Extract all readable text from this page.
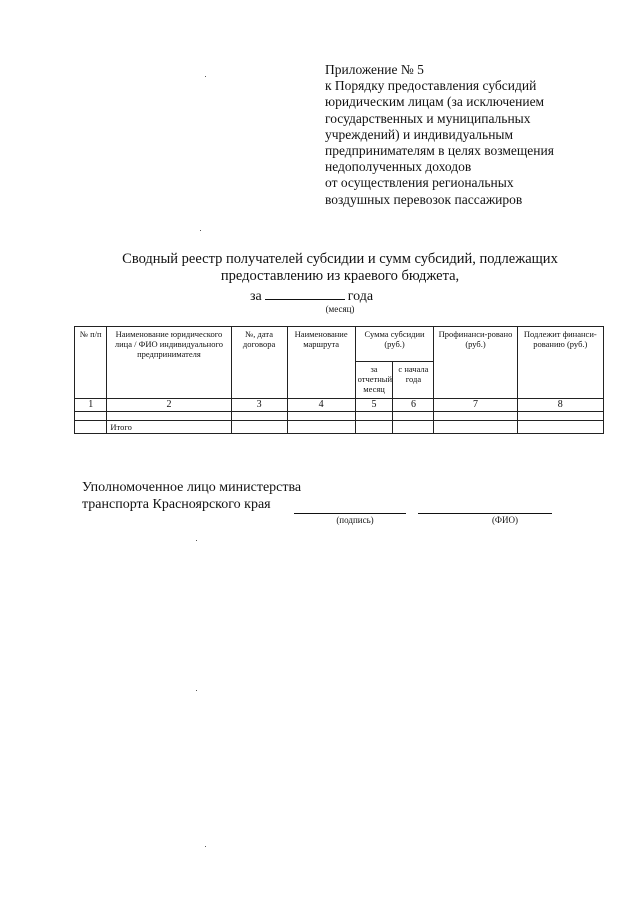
Приложение № 5
к Порядку предоставления субсидий
юридическим лицам (за исключением
государственных и муниципальных
учреждений) и индивидуальным
предпринимателям в целях возмещения
недополученных доходов
от осуществления региональных
воздушных перевозок пассажиров
Сводный реестр получателей субсидии и сумм субсидий, подлежащих
предоставлению из краевого бюджета,
за	года
(месяц)
№ п/п	Наименование юридического лица / ФИО индивидуального предпринимателя	№, дата договора	Наименование маршрута	Сумма субсидии (руб.)		Профинанси-ровано (руб.)	Подлежит финанси-рованию (руб.)
				за отчетный месяц	с начала года		
1	2	3	4	5	6	7	8

	Итого						
Уполномоченное лицо министерства
транспорта Красноярского края
(подпись)	(ФИО)
